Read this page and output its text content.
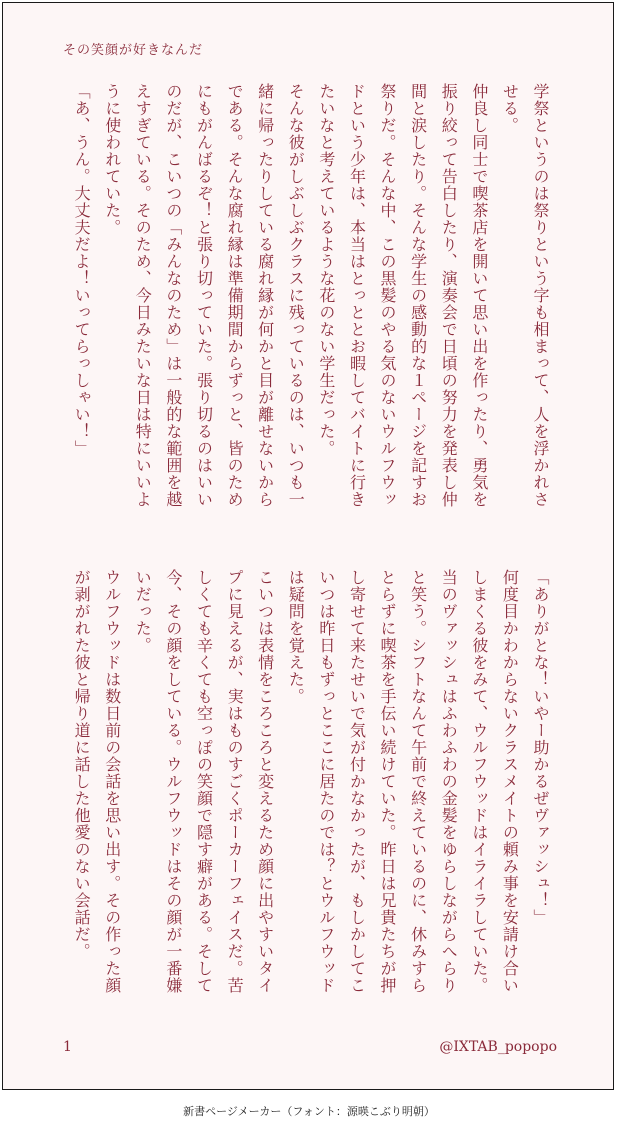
その笑顔が好きなんだ

学祭というのは祭りという字も相まって、人を浮かれさせる。

仲良し同士で喫茶店を開いて思い出を作ったり、勇気を振り絞って告白したり、演奏会で日頃の努力を発表し仲間と涙したり。そんな学生の感動的な１ページを記すお祭りだ。そんな中、この黒髪のやる気のないウルフウッドという少年は、本当はとっととお暇してバイトに行きたいなと考えているような花のない学生だった。

そんな彼がしぶしぶクラスに残っているのは、いつも一緒に帰ったりしている腐れ縁が何かと目が離せないからである。そんな腐れ縁は準備期間からずっと、皆のためにもがんばるぞ！と張り切っていた。張り切るのはいいのだが、こいつの「みんなのため」は一般的な範囲を越えすぎている。そのため、今日みたいな日は特にいいように使われていた。

「あ、うん。大丈夫だよ！いってらっしゃい！」

「ありがとな！いやー助かるぜヴァッシュ！」

何度目かわからないクラスメイトの頼み事を安請け合いしまくる彼をみて、ウルフウッドはイライラしていた。当のヴァッシュはふわふわの金髪をゆらしながらへらりと笑う。シフトなんて午前で終えているのに、休みすらとらずに喫茶を手伝い続けていた。昨日は兄貴たちが押し寄せて来たせいで気が付かなかったが、もしかしてこいつは昨日もずっとここに居たのでは？とウルフウッドは疑問を覚えた。

こいつは表情をころころと変えるため顔に出やすいタイプに見えるが、実はものすごくポーカーフェイスだ。苦しくても辛くても空っぽの笑顔で隠す癖がある。そして今、その顔をしている。ウルフウッドはその顔が一番嫌いだった。

ウルフウッドは数日前の会話を思い出す。その作った顔が剥がれた彼と帰り道に話した他愛のない会話だ。

1	@IXTAB_popopo
新書ページメーカー（フォント：源暎こぶり明朝）
